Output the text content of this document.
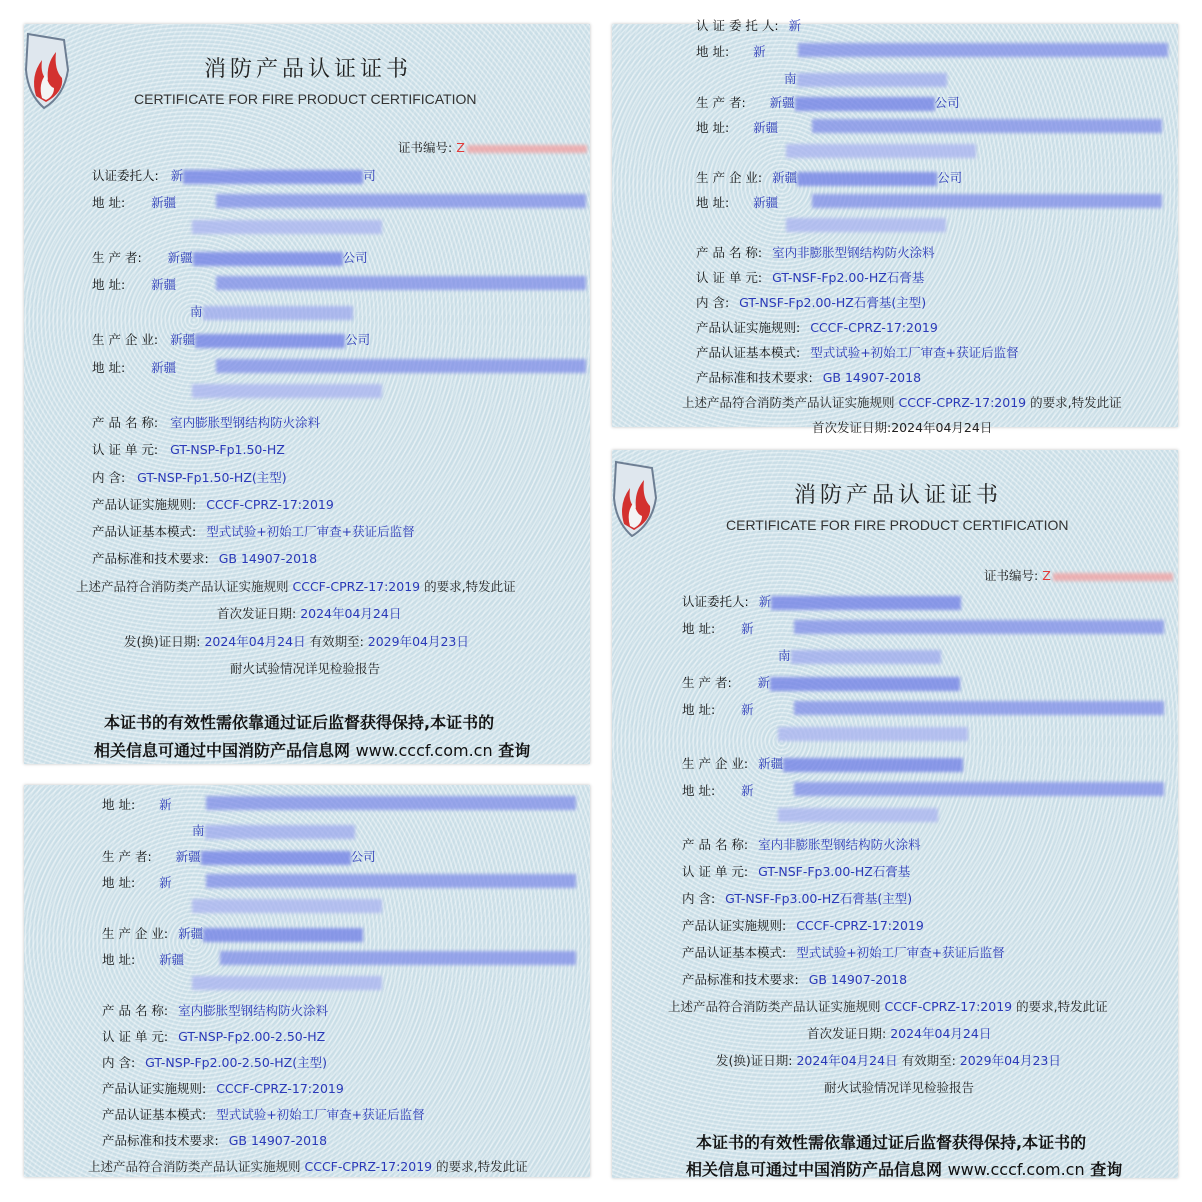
消防产品认证证书
CERTIFICATE FOR FIRE PRODUCT CERTIFICATION
证书编号: Z
认证委托人: 新	司
地 址: 新疆
生 产 者: 新疆	公司
地 址: 新疆
南
生 产 企 业: 新疆	公司
地 址: 新疆
产 品 名 称: 室内膨胀型钢结构防火涂料
认 证 单 元: GT-NSP-Fp1.50-HZ
内 含: GT-NSP-Fp1.50-HZ(主型)
产品认证实施规则: CCCF-CPRZ-17:2019
产品认证基本模式: 型式试验+初始工厂审查+获证后监督
产品标准和技术要求: GB 14907-2018
上述产品符合消防类产品认证实施规则 CCCF-CPRZ-17:2019 的要求,特发此证
首次发证日期: 2024年04月24日
发(换)证日期: 2024年04月24日 有效期至: 2029年04月23日
耐火试验情况详见检验报告
本证书的有效性需依靠通过证后监督获得保持,本证书的
相关信息可通过中国消防产品信息网 www.cccf.com.cn 查询
认 证 委 托 人: 新
地 址: 新
南
生 产 者: 新疆	公司
地 址: 新疆
生 产 企 业: 新疆	公司
地 址: 新疆
产 品 名 称: 室内非膨胀型钢结构防火涂料
认 证 单 元: GT-NSF-Fp2.00-HZ石膏基
内 含: GT-NSF-Fp2.00-HZ石膏基(主型)
产品认证实施规则: CCCF-CPRZ-17:2019
产品认证基本模式: 型式试验+初始工厂审查+获证后监督
产品标准和技术要求: GB 14907-2018
上述产品符合消防类产品认证实施规则 CCCF-CPRZ-17:2019 的要求,特发此证
首次发证日期:2024年04月24日
地 址: 新
南
生 产 者: 新疆	公司
地 址: 新
生 产 企 业: 新疆
地 址: 新疆
产 品 名 称: 室内膨胀型钢结构防火涂料
认 证 单 元: GT-NSP-Fp2.00-2.50-HZ
内 含: GT-NSP-Fp2.00-2.50-HZ(主型)
产品认证实施规则: CCCF-CPRZ-17:2019
产品认证基本模式: 型式试验+初始工厂审查+获证后监督
产品标准和技术要求: GB 14907-2018
上述产品符合消防类产品认证实施规则 CCCF-CPRZ-17:2019 的要求,特发此证
消防产品认证证书
CERTIFICATE FOR FIRE PRODUCT CERTIFICATION
证书编号: Z
认证委托人: 新
地 址: 新
南
生 产 者: 新
地 址: 新
生 产 企 业: 新疆
地 址: 新
产 品 名 称: 室内非膨胀型钢结构防火涂料
认 证 单 元: GT-NSF-Fp3.00-HZ石膏基
内 含: GT-NSF-Fp3.00-HZ石膏基(主型)
产品认证实施规则: CCCF-CPRZ-17:2019
产品认证基本模式: 型式试验+初始工厂审查+获证后监督
产品标准和技术要求: GB 14907-2018
上述产品符合消防类产品认证实施规则 CCCF-CPRZ-17:2019 的要求,特发此证
首次发证日期: 2024年04月24日
发(换)证日期: 2024年04月24日 有效期至: 2029年04月23日
耐火试验情况详见检验报告
本证书的有效性需依靠通过证后监督获得保持,本证书的
相关信息可通过中国消防产品信息网 www.cccf.com.cn 查询
